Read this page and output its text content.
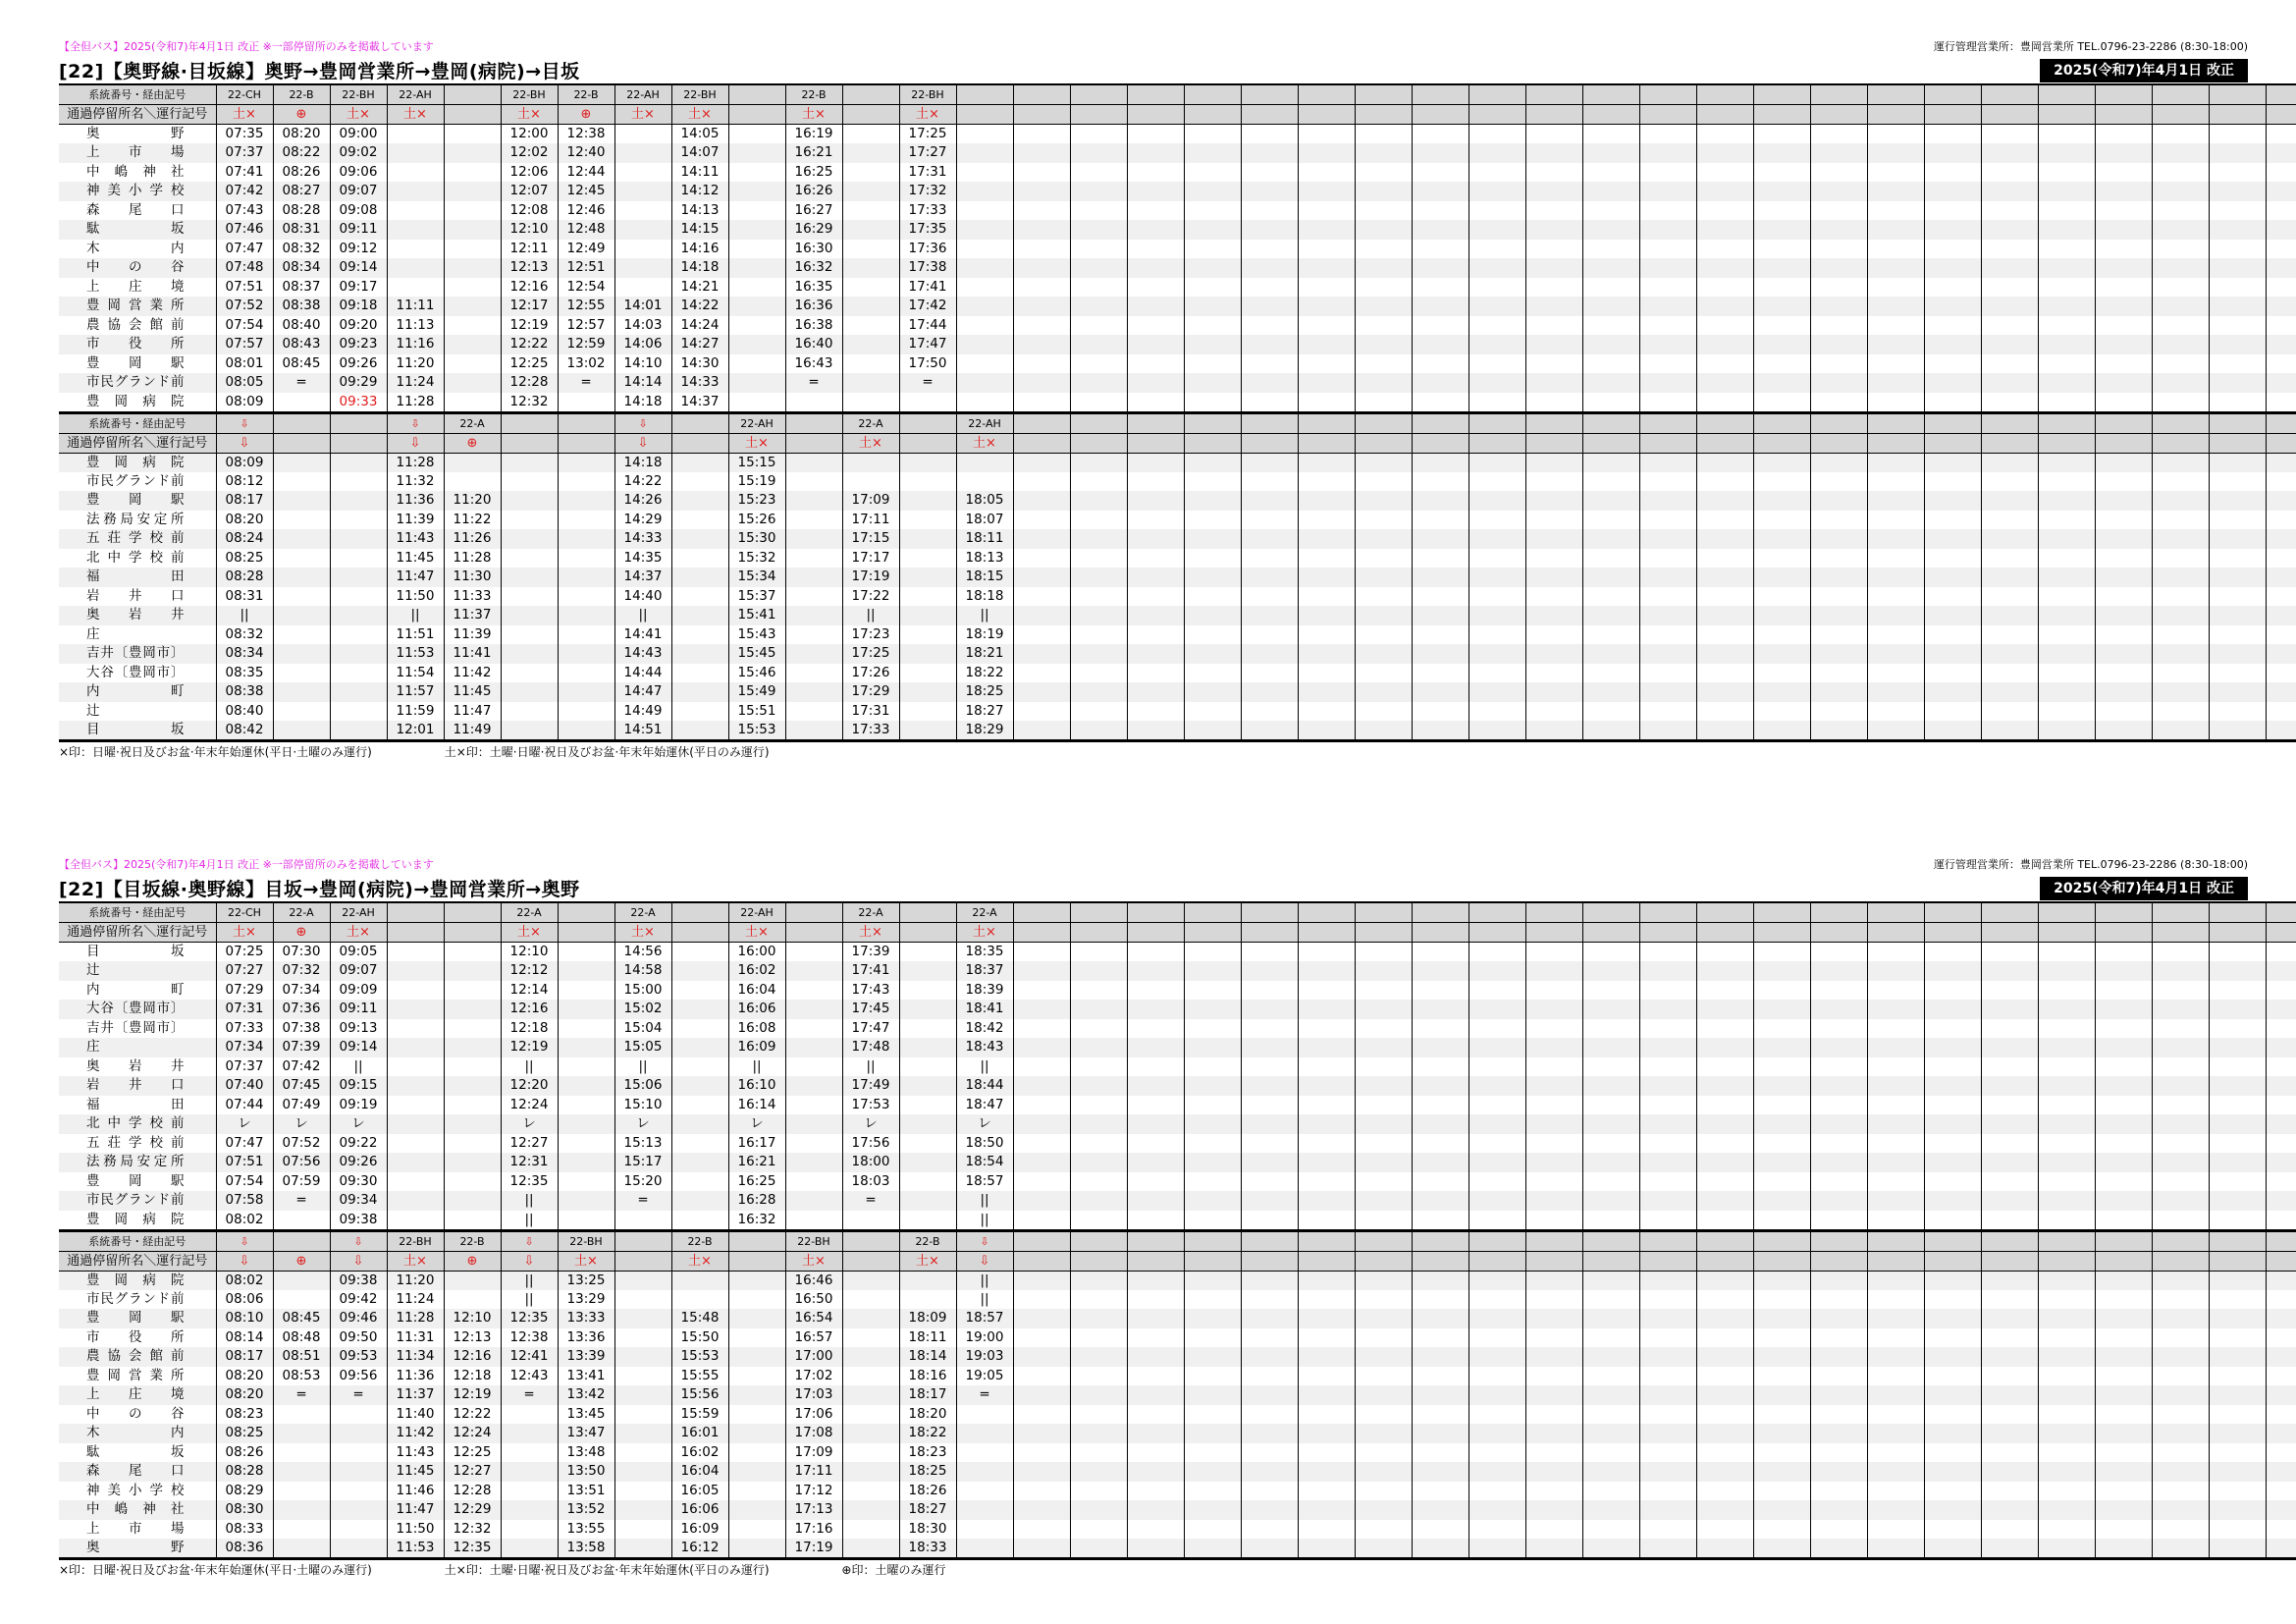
【全但バス】2025(令和7)年4月1日 改正 ※一部停留所のみを掲載しています	運行管理営業所：豊岡営業所 TEL.0796-23-2286 (8:30-18:00)
[22]【奥野線·目坂線】奥野→豊岡営業所→豊岡(病院)→目坂	2025(令和7)年4月1日 改正
系統番号・経由記号	22-CH	22-B	22-BH	22-AH		22-BH	22-B	22-AH	22-BH		22-B		22-BH																								
通過停留所名＼運行記号	土×	⊕	土×	土×		土×	⊕	土×	土×		土×		土×																								
奥野	07:35	08:20	09:00			12:00	12:38		14:05		16:19		17:25																								
上市場	07:37	08:22	09:02			12:02	12:40		14:07		16:21		17:27																								
中嶋神社	07:41	08:26	09:06			12:06	12:44		14:11		16:25		17:31																								
神美小学校	07:42	08:27	09:07			12:07	12:45		14:12		16:26		17:32																								
森尾口	07:43	08:28	09:08			12:08	12:46		14:13		16:27		17:33																								
駄坂	07:46	08:31	09:11			12:10	12:48		14:15		16:29		17:35																								
木内	07:47	08:32	09:12			12:11	12:49		14:16		16:30		17:36																								
中の谷	07:48	08:34	09:14			12:13	12:51		14:18		16:32		17:38																								
上庄境	07:51	08:37	09:17			12:16	12:54		14:21		16:35		17:41																								
豊岡営業所	07:52	08:38	09:18	11:11		12:17	12:55	14:01	14:22		16:36		17:42																								
農協会館前	07:54	08:40	09:20	11:13		12:19	12:57	14:03	14:24		16:38		17:44																								
市役所	07:57	08:43	09:23	11:16		12:22	12:59	14:06	14:27		16:40		17:47																								
豊岡駅	08:01	08:45	09:26	11:20		12:25	13:02	14:10	14:30		16:43		17:50																								
市民グランド前	08:05	=	09:29	11:24		12:28	=	14:14	14:33		=		=																								
豊岡病院	08:09		09:33	11:28		12:32		14:18	14:37																												
系統番号・経由記号	⇩			⇩	22-A			⇩		22-AH		22-A		22-AH																							
通過停留所名＼運行記号	⇩			⇩	⊕			⇩		土×		土×		土×																							
豊岡病院	08:09			11:28				14:18		15:15																											
市民グランド前	08:12			11:32				14:22		15:19																											
豊岡駅	08:17			11:36	11:20			14:26		15:23		17:09		18:05																							
法務局安定所	08:20			11:39	11:22			14:29		15:26		17:11		18:07																							
五荘学校前	08:24			11:43	11:26			14:33		15:30		17:15		18:11																							
北中学校前	08:25			11:45	11:28			14:35		15:32		17:17		18:13																							
福田	08:28			11:47	11:30			14:37		15:34		17:19		18:15																							
岩井口	08:31			11:50	11:33			14:40		15:37		17:22		18:18																							
奥岩井	||			||	11:37			||		15:41		||		||																							
庄	08:32			11:51	11:39			14:41		15:43		17:23		18:19																							
吉井〔豊岡市〕	08:34			11:53	11:41			14:43		15:45		17:25		18:21																							
大谷〔豊岡市〕	08:35			11:54	11:42			14:44		15:46		17:26		18:22																							
内町	08:38			11:57	11:45			14:47		15:49		17:29		18:25																							
辻	08:40			11:59	11:47			14:49		15:51		17:31		18:27																							
目坂	08:42			12:01	11:49			14:51		15:53		17:33		18:29																							
×印：日曜·祝日及びお盆·年末年始運休(平日·土曜のみ運行)	土×印：土曜·日曜·祝日及びお盆·年末年始運休(平日のみ運行)
【全但バス】2025(令和7)年4月1日 改正 ※一部停留所のみを掲載しています	運行管理営業所：豊岡営業所 TEL.0796-23-2286 (8:30-18:00)
[22]【目坂線·奥野線】目坂→豊岡(病院)→豊岡営業所→奥野	2025(令和7)年4月1日 改正
系統番号・経由記号	22-CH	22-A	22-AH			22-A		22-A		22-AH		22-A		22-A																							
通過停留所名＼運行記号	土×	⊕	土×			土×		土×		土×		土×		土×																							
目坂	07:25	07:30	09:05			12:10		14:56		16:00		17:39		18:35																							
辻	07:27	07:32	09:07			12:12		14:58		16:02		17:41		18:37																							
内町	07:29	07:34	09:09			12:14		15:00		16:04		17:43		18:39																							
大谷〔豊岡市〕	07:31	07:36	09:11			12:16		15:02		16:06		17:45		18:41																							
吉井〔豊岡市〕	07:33	07:38	09:13			12:18		15:04		16:08		17:47		18:42																							
庄	07:34	07:39	09:14			12:19		15:05		16:09		17:48		18:43																							
奥岩井	07:37	07:42	||			||		||		||		||		||																							
岩井口	07:40	07:45	09:15			12:20		15:06		16:10		17:49		18:44																							
福田	07:44	07:49	09:19			12:24		15:10		16:14		17:53		18:47																							
北中学校前	レ	レ	レ			レ		レ		レ		レ		レ																							
五荘学校前	07:47	07:52	09:22			12:27		15:13		16:17		17:56		18:50																							
法務局安定所	07:51	07:56	09:26			12:31		15:17		16:21		18:00		18:54																							
豊岡駅	07:54	07:59	09:30			12:35		15:20		16:25		18:03		18:57																							
市民グランド前	07:58	=	09:34			||		=		16:28		=		||																							
豊岡病院	08:02		09:38			||				16:32				||																							
系統番号・経由記号	⇩		⇩	22-BH	22-B	⇩	22-BH		22-B		22-BH		22-B	⇩																							
通過停留所名＼運行記号	⇩	⊕	⇩	土×	⊕	⇩	土×		土×		土×		土×	⇩																							
豊岡病院	08:02		09:38	11:20		||	13:25				16:46			||																							
市民グランド前	08:06		09:42	11:24		||	13:29				16:50			||																							
豊岡駅	08:10	08:45	09:46	11:28	12:10	12:35	13:33		15:48		16:54		18:09	18:57																							
市役所	08:14	08:48	09:50	11:31	12:13	12:38	13:36		15:50		16:57		18:11	19:00																							
農協会館前	08:17	08:51	09:53	11:34	12:16	12:41	13:39		15:53		17:00		18:14	19:03																							
豊岡営業所	08:20	08:53	09:56	11:36	12:18	12:43	13:41		15:55		17:02		18:16	19:05																							
上庄境	08:20	=	=	11:37	12:19	=	13:42		15:56		17:03		18:17	=																							
中の谷	08:23			11:40	12:22		13:45		15:59		17:06		18:20																								
木内	08:25			11:42	12:24		13:47		16:01		17:08		18:22																								
駄坂	08:26			11:43	12:25		13:48		16:02		17:09		18:23																								
森尾口	08:28			11:45	12:27		13:50		16:04		17:11		18:25																								
神美小学校	08:29			11:46	12:28		13:51		16:05		17:12		18:26																								
中嶋神社	08:30			11:47	12:29		13:52		16:06		17:13		18:27																								
上市場	08:33			11:50	12:32		13:55		16:09		17:16		18:30																								
奥野	08:36			11:53	12:35		13:58		16:12		17:19		18:33																								
×印：日曜·祝日及びお盆·年末年始運休(平日·土曜のみ運行)	土×印：土曜·日曜·祝日及びお盆·年末年始運休(平日のみ運行)	⊕印：土曜のみ運行
